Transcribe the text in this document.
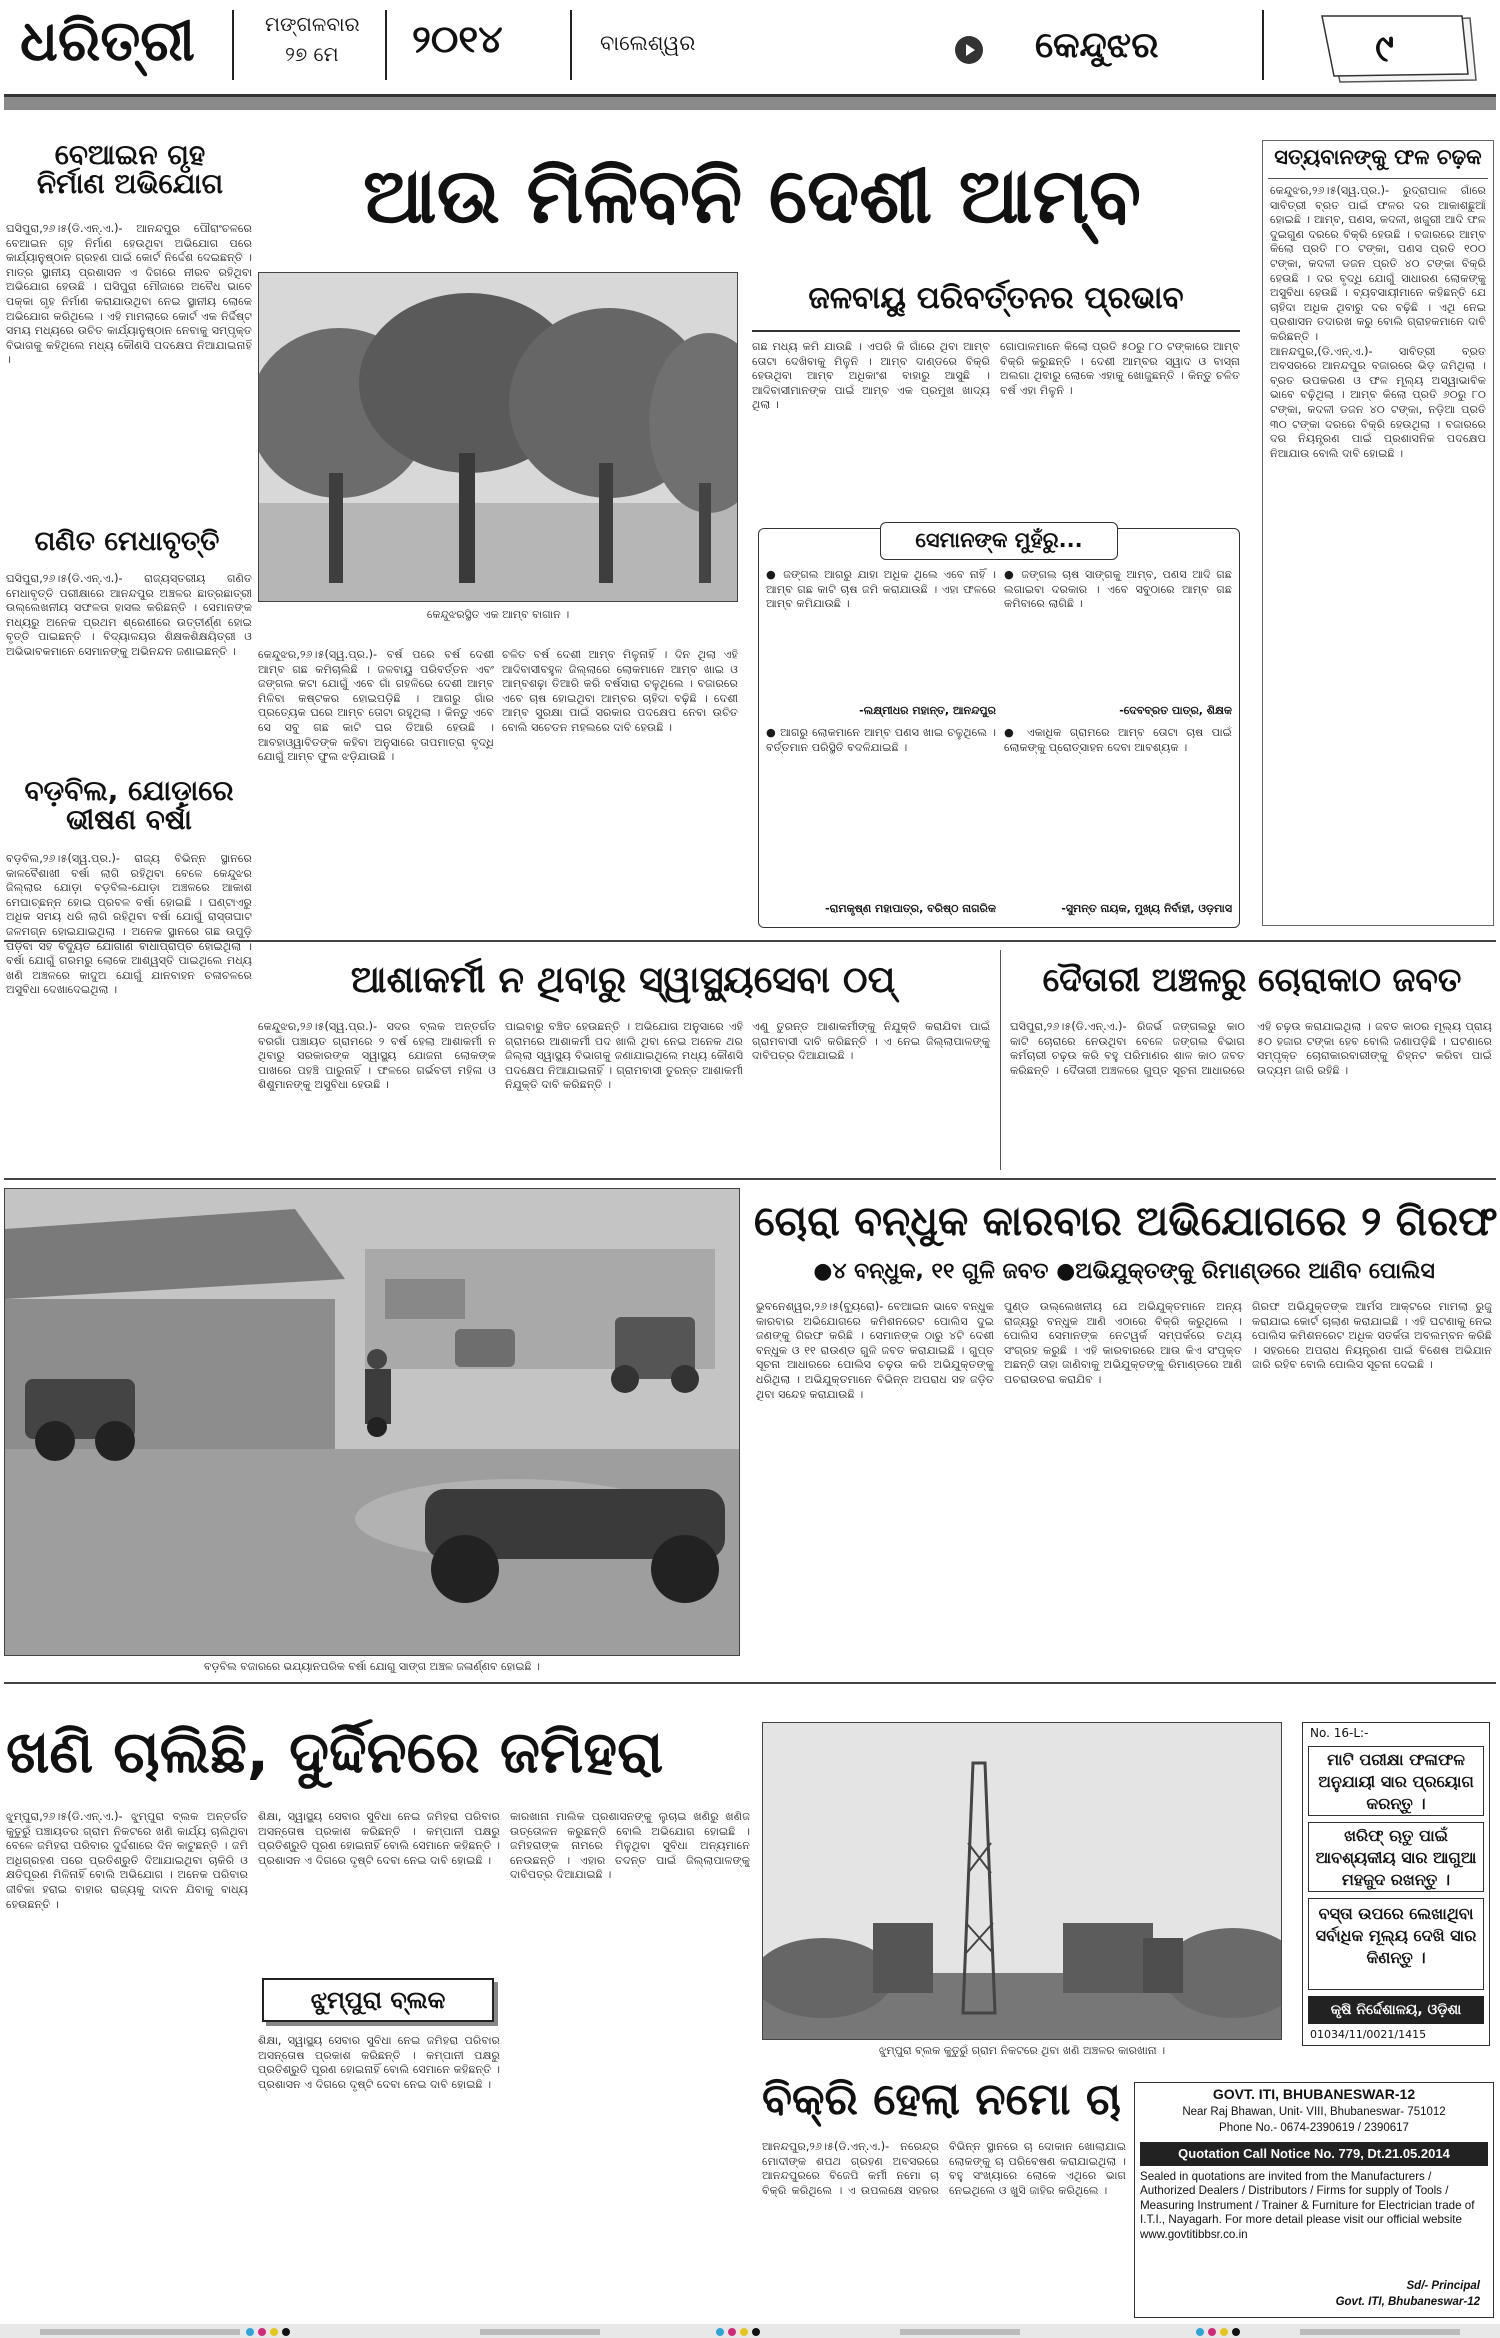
ଧରିତ୍ରୀ	ମଙ୍ଗଳବାର
୨୭ ମେ ୨୦୧୪	ବାଲେଶ୍ୱର	କେନ୍ଦୁଝର	୯
ବେଆଇନ ଗୃହ ନିର୍ମାଣ ଅଭିଯୋଗ
ଘସିପୁରା,୨୬।୫(ଡି.ଏନ୍.ଏ.)- ଆନନ୍ଦପୁର ପୌରାଂଚଳରେ ବେଆଇନ ଗୃହ ନିର୍ମାଣ ହେଉଥିବା ଅଭିଯୋଗ ପରେ କାର୍ଯ୍ୟାନୁଷ୍ଠାନ ଗ୍ରହଣ ପାଇଁ କୋର୍ଟ ନିର୍ଦ୍ଦେଶ ଦେଇଛନ୍ତି । ମାତ୍ର ସ୍ଥାନୀୟ ପ୍ରଶାସନ ଏ ଦିଗରେ ନୀରବ ରହିଥିବା ଅଭିଯୋଗ ହେଉଛି । ଘସିପୁରା ମୌଜାରେ ଅବୈଧ ଭାବେ ପକ୍କା ଗୃହ ନିର୍ମାଣ କରାଯାଉଥିବା ନେଇ ସ୍ଥାନୀୟ ଲୋକେ ଅଭିଯୋଗ କରିଥିଲେ । ଏହି ମାମଲାରେ କୋର୍ଟ ଏକ ନିର୍ଦ୍ଦିଷ୍ଟ ସମୟ ମଧ୍ୟରେ ଉଚିତ କାର୍ଯ୍ୟାନୁଷ୍ଠାନ ନେବାକୁ ସମ୍ପୃକ୍ତ ବିଭାଗକୁ କହିଥିଲେ ମଧ୍ୟ କୌଣସି ପଦକ୍ଷେପ ନିଆଯାଇନାହିଁ ।
ଗଣିତ ମେଧାବୃତ୍ତି
ଘସିପୁରା,୨୬।୫(ଡି.ଏନ୍.ଏ.)- ରାଜ୍ୟସ୍ତରୀୟ ଗଣିତ ମେଧାବୃତ୍ତି ପରୀକ୍ଷାରେ ଆନନ୍ଦପୁର ଅଞ୍ଚଳର ଛାତ୍ରଛାତ୍ରୀ ଉଲ୍ଲେଖନୀୟ ସଫଳତା ହାସଲ କରିଛନ୍ତି । ସେମାନଙ୍କ ମଧ୍ୟରୁ ଅନେକ ପ୍ରଥମ ଶ୍ରେଣୀରେ ଉତ୍ତୀର୍ଣ୍ଣ ହୋଇ ବୃତ୍ତି ପାଇଛନ୍ତି । ବିଦ୍ୟାଳୟର ଶିକ୍ଷକଶିକ୍ଷୟିତ୍ରୀ ଓ ଅଭିଭାବକମାନେ ସେମାନଙ୍କୁ ଅଭିନନ୍ଦନ ଜଣାଇଛନ୍ତି ।
ବଡ଼ବିଲ, ଯୋଡ଼ାରେ ଭୀଷଣ ବର୍ଷା
ବଡ଼ବିଲ,୨୬।୫(ସ୍ୱ.ପ୍ର.)- ରାଜ୍ୟ ବିଭିନ୍ନ ସ୍ଥାନରେ କାଳବୈଶାଖୀ ବର୍ଷା ଲାଗି ରହିଥିବା ବେଳେ କେନ୍ଦୁଝର ଜିଲ୍ଲାର ଯୋଡ଼ା ବଡ଼ବିଲ-ଯୋଡ଼ା ଅଞ୍ଚଳରେ ଆକାଶ ମେଘାଚ୍ଛନ୍ନ ହୋଇ ପ୍ରବଳ ବର୍ଷା ହୋଇଛି । ଘଣ୍ଟାଏରୁ ଅଧିକ ସମୟ ଧରି ଲାଗି ରହିଥିବା ବର୍ଷା ଯୋଗୁଁ ରାସ୍ତାଘାଟ ଜଳମଗ୍ନ ହୋଇଯାଇଥିଲା । ଅନେକ ସ୍ଥାନରେ ଗଛ ଉପୁଡ଼ି ପଡ଼ିବା ସହ ବିଦ୍ୟୁତ ଯୋଗାଣ ବାଧାପ୍ରାପ୍ତ ହୋଇଥିଲା । ବର୍ଷା ଯୋଗୁଁ ଗରମରୁ ଲୋକେ ଆଶ୍ୱସ୍ତି ପାଇଥିଲେ ମଧ୍ୟ ଖଣି ଅଞ୍ଚଳରେ କାଦୁଅ ଯୋଗୁଁ ଯାନବାହନ ଚଳାଚଳରେ ଅସୁବିଧା ଦେଖାଦେଇଥିଲା ।
ଆଉ ମିଳିବନି ଦେଶୀ ଆମ୍ବ
କେନ୍ଦୁଝରସ୍ଥିତ ଏକ ଆମ୍ବ ବାଗାନ ।
କେନ୍ଦୁଝର,୨୬।୫(ସ୍ୱ.ପ୍ର.)- ବର୍ଷ ପରେ ବର୍ଷ ଦେଶୀ ଆମ୍ବ ଗଛ କମିଚାଲିଛି । ଜଳବାୟୁ ପରିବର୍ତ୍ତନ ଏବଂ ଜଙ୍ଗଲ କଟା ଯୋଗୁଁ ଏବେ ଗାଁ ଗହଳିରେ ଦେଶୀ ଆମ୍ବ ମିଳିବା କଷ୍ଟକର ହୋଇପଡ଼ିଛି । ଆଗରୁ ଗାଁର ପ୍ରତ୍ୟେକ ଘରେ ଆମ୍ବ ତୋଟା ରହୁଥିଲା । କିନ୍ତୁ ଏବେ ସେ ସବୁ ଗଛ କାଟି ଘର ତିଆରି ହେଉଛି । ଆବହାଓ୍ୱାବିତଙ୍କ କହିବା ଅନୁସାରେ ତାପମାତ୍ରା ବୃଦ୍ଧି ଯୋଗୁଁ ଆମ୍ବ ଫୁଲ ଝଡ଼ିଯାଉଛି ।
ଚଳିତ ବର୍ଷ ଦେଶୀ ଆମ୍ବ ମିଳୁନାହିଁ । ଦିନ ଥିଲା ଏହି ଆଦିବାସୀବହୁଳ ଜିଲ୍ଲାରେ ଲୋକମାନେ ଆମ୍ବ ଖାଇ ଓ ଆମ୍ବଶଢ଼ା ତିଆରି କରି ବର୍ଷସାରା ଚଳୁଥିଲେ । ବଜାରରେ ଏବେ ଚାଷ ହୋଇଥିବା ଆମ୍ବର ଚାହିଦା ବଢ଼ିଛି । ଦେଶୀ ଆମ୍ବ ସୁରକ୍ଷା ପାଇଁ ସରକାର ପଦକ୍ଷେପ ନେବା ଉଚିତ ବୋଲି ସଚେତନ ମହଲରେ ଦାବି ହେଉଛି ।
ଜଳବାୟୁ ପରିବର୍ତ୍ତନର ପ୍ରଭାବ
ଗଛ ମଧ୍ୟ କମି ଯାଉଛି । ଏପରି କି ଗାଁରେ ଥିବା ଆମ୍ବ ତୋଟା ଦେଖିବାକୁ ମିଳୁନି । ଆମ୍ବ ଦାଣ୍ଡରେ ବିକ୍ରି ହେଉଥିବା ଆମ୍ବ ଅଧିକାଂଶ ବାହାରୁ ଆସୁଛି । ଆଦିବାସୀମାନଙ୍କ ପାଇଁ ଆମ୍ବ ଏକ ପ୍ରମୁଖ ଖାଦ୍ୟ ଥିଲା ।
ଗୋପାଳମାନେ କିଲୋ ପ୍ରତି ୫୦ରୁ ୮୦ ଟଙ୍କାରେ ଆମ୍ବ ବିକ୍ରି କରୁଛନ୍ତି । ଦେଶୀ ଆମ୍ବର ସ୍ୱାଦ ଓ ବାସ୍ନା ଅଲଗା ଥିବାରୁ ଲୋକେ ଏହାକୁ ଖୋଜୁଛନ୍ତି । କିନ୍ତୁ ଚଳିତ ବର୍ଷ ଏହା ମିଳୁନି ।
ସେମାନଙ୍କ ମୁହଁରୁ...
● ଜଙ୍ଗଲ ଆଗରୁ ଯାହା ଅଧିକ ଥିଲେ ଏବେ ନାହିଁ । ଆମ୍ବ ଗଛ କାଟି ଚାଷ ଜମି କରାଯାଉଛି । ଏହା ଫଳରେ ଆମ୍ବ କମିଯାଉଛି ।
-ଲକ୍ଷ୍ମୀଧର ମହାନ୍ତ, ଆନନ୍ଦପୁର
● ଆଗରୁ ଲୋକମାନେ ଆମ୍ବ ପଣସ ଖାଇ ଚଳୁଥିଲେ । ବର୍ତ୍ତମାନ ପରିସ୍ଥିତି ବଦଳିଯାଇଛି ।
-ରାମକୃଷ୍ଣ ମହାପାତ୍ର, ବରିଷ୍ଠ ନାଗରିକ
● ଜଙ୍ଗଲ ଚାଷ ସାଙ୍ଗକୁ ଆମ୍ବ, ପଣସ ଆଦି ଗଛ ଲଗାଇବା ଦରକାର । ଏବେ ସବୁଠାରେ ଆମ୍ବ ଗଛ କମିବାରେ ଲାଗିଛି ।
-ଦେବବ୍ରତ ପାତ୍ର, ଶିକ୍ଷକ
● ଏକାଧିକ ଗ୍ରାମରେ ଆମ୍ବ ତୋଟା ଚାଷ ପାଇଁ ଲୋକଙ୍କୁ ପ୍ରୋତ୍ସାହନ ଦେବା ଆବଶ୍ୟକ ।
-ସୁମନ୍ତ ନାୟକ, ମୁଖ୍ୟ ନିର୍ବାହୀ, ଓଡ଼ମାସ
ସତ୍ୟବାନଙ୍କୁ ଫଳ ଚଢ଼କ
କେନ୍ଦୁଝର,୨୬।୫(ସ୍ୱ.ପ୍ର.)- ରୁଦ୍ରାପାଳ ଗାଁରେ ସାବିତ୍ରୀ ବ୍ରତ ପାଇଁ ଫଳର ଦର ଆକାଶଛୁଆଁ ହୋଇଛି । ଆମ୍ବ, ପଣସ, କଦଳୀ, ଖଜୁରୀ ଆଦି ଫଳ ଦୁଇଗୁଣ ଦରରେ ବିକ୍ରି ହେଉଛି । ବଜାରରେ ଆମ୍ବ କିଲୋ ପ୍ରତି ୮୦ ଟଙ୍କା, ପଣସ ପ୍ରତି ୧୦୦ ଟଙ୍କା, କଦଳୀ ଡଜନ ପ୍ରତି ୪୦ ଟଙ୍କା ବିକ୍ରି ହେଉଛି । ଦର ବୃଦ୍ଧି ଯୋଗୁଁ ସାଧାରଣ ଲୋକଙ୍କୁ ଅସୁବିଧା ହେଉଛି । ବ୍ୟବସାୟୀମାନେ କହିଛନ୍ତି ଯେ ଚାହିଦା ଅଧିକ ଥିବାରୁ ଦର ବଢ଼ିଛି । ଏଥି ନେଇ ପ୍ରଶାସନ ତଦାରଖ କରୁ ବୋଲି ଗ୍ରାହକମାନେ ଦାବି କରିଛନ୍ତି ।
ଆନନ୍ଦପୁର,(ଡି.ଏନ୍.ଏ.)- ସାବିତ୍ରୀ ବ୍ରତ ଅବସରରେ ଆନନ୍ଦପୁର ବଜାରରେ ଭିଡ଼ ଜମିଥିଲା । ବ୍ରତ ଉପକରଣ ଓ ଫଳ ମୂଲ୍ୟ ଅସ୍ୱାଭାବିକ ଭାବେ ବଢ଼ିଥିଲା । ଆମ୍ବ କିଲୋ ପ୍ରତି ୬୦ରୁ ୮୦ ଟଙ୍କା, କଦଳୀ ଡଜନ ୪୦ ଟଙ୍କା, ନଡ଼ିଆ ପ୍ରତି ୩୦ ଟଙ୍କା ଦରରେ ବିକ୍ରି ହେଉଥିଲା । ବଜାରରେ ଦର ନିୟନ୍ତ୍ରଣ ପାଇଁ ପ୍ରଶାସନିକ ପଦକ୍ଷେପ ନିଆଯାଉ ବୋଲି ଦାବି ହୋଇଛି ।
ଆଶାକର୍ମୀ ନ ଥିବାରୁ ସ୍ୱାସ୍ଥ୍ୟସେବା ଠପ୍
କେନ୍ଦୁଝର,୨୬।୫(ସ୍ୱ.ପ୍ର.)- ସଦର ବ୍ଲକ ଅନ୍ତର୍ଗତ ବରଗାଁ ପଞ୍ଚାୟତ ଗ୍ରାମରେ ୨ ବର୍ଷ ହେଲା ଆଶାକର୍ମୀ ନ ଥିବାରୁ ସରକାରଙ୍କ ସ୍ୱାସ୍ଥ୍ୟ ଯୋଜନା ଲୋକଙ୍କ ପାଖରେ ପହଞ୍ଚି ପାରୁନାହିଁ । ଫଳରେ ଗର୍ଭବତୀ ମହିଳା ଓ ଶିଶୁମାନଙ୍କୁ ଅସୁବିଧା ହେଉଛି ।
ପାଇବାରୁ ବଞ୍ଚିତ ହେଉଛନ୍ତି । ଅଭିଯୋଗ ଅନୁସାରେ ଏହି ଗ୍ରାମରେ ଆଶାକର୍ମୀ ପଦ ଖାଲି ଥିବା ନେଇ ଅନେକ ଥର ଜିଲ୍ଲା ସ୍ୱାସ୍ଥ୍ୟ ବିଭାଗକୁ ଜଣାଯାଇଥିଲେ ମଧ୍ୟ କୌଣସି ପଦକ୍ଷେପ ନିଆଯାଇନାହିଁ । ଗ୍ରାମବାସୀ ତୁରନ୍ତ ଆଶାକର୍ମୀ ନିଯୁକ୍ତି ଦାବି କରିଛନ୍ତି ।
ଏଣୁ ତୁରନ୍ତ ଆଶାକର୍ମୀଙ୍କୁ ନିଯୁକ୍ତି କରାଯିବା ପାଇଁ ଗ୍ରାମବାସୀ ଦାବି କରିଛନ୍ତି । ଏ ନେଇ ଜିଲ୍ଲାପାଳଙ୍କୁ ଦାବିପତ୍ର ଦିଆଯାଇଛି ।
ଦୈତାରୀ ଅଞ୍ଚଳରୁ ଚୋରାକାଠ ଜବତ
ଘସିପୁରା,୨୬।୫(ଡି.ଏନ୍.ଏ.)- ରିଜର୍ଭ ଜଙ୍ଗଲରୁ କାଠ କାଟି ଚୋରାରେ ନେଉଥିବା ବେଳେ ଜଙ୍ଗଲ ବିଭାଗ କର୍ମଚାରୀ ଚଢ଼ଉ କରି ବହୁ ପରିମାଣର ଶାଳ କାଠ ଜବତ କରିଛନ୍ତି । ଦୈତାରୀ ଅଞ୍ଚଳରେ ଗୁପ୍ତ ସୂଚନା ଆଧାରରେ ଏହି ଚଢ଼ଉ କରାଯାଇଥିଲା । ଜବତ କାଠର ମୂଲ୍ୟ ପ୍ରାୟ ୫୦ ହଜାର ଟଙ୍କା ହେବ ବୋଲି ଜଣାପଡ଼ିଛି । ଘଟଣାରେ ସମ୍ପୃକ୍ତ ଚୋରାକାରବାରୀଙ୍କୁ ଚିହ୍ନଟ କରିବା ପାଇଁ ଉଦ୍ୟମ ଜାରି ରହିଛି ।
ବଡ଼ବିଲ ବଜାରରେ ଭଯ୍ୟାନପରିକ ବର୍ଷା ଯୋଗୁ ସାଙ୍ଗ ଅଞ୍ଚଳ ଜଳାର୍ଣ୍ଣବ ହୋଇଛି ।
ଚୋରା ବନ୍ଧୁକ କାରବାର ଅଭିଯୋଗରେ ୨ ଗିରଫ
●୪ ବନ୍ଧୁକ, ୧୧ ଗୁଳି ଜବତ ●ଅଭିଯୁକ୍ତଙ୍କୁ ରିମାଣ୍ଡରେ ଆଣିବ ପୋଲିସ
ଭୁବନେଶ୍ୱର,୨୬।୫(ବ୍ୟୁରୋ)- ବେଆଇନ ଭାବେ ବନ୍ଧୁକ କାରବାର ଅଭିଯୋଗରେ କମିଶନରେଟ ପୋଲିସ ଦୁଇ ଜଣଙ୍କୁ ଗିରଫ କରିଛି । ସେମାନଙ୍କ ଠାରୁ ୪ଟି ଦେଶୀ ବନ୍ଧୁକ ଓ ୧୧ ରାଉଣ୍ଡ ଗୁଳି ଜବତ କରାଯାଇଛି । ଗୁପ୍ତ ସୂଚନା ଆଧାରରେ ପୋଲିସ ଚଢ଼ଉ କରି ଅଭିଯୁକ୍ତଙ୍କୁ ଧରିଥିଲା । ଅଭିଯୁକ୍ତମାନେ ବିଭିନ୍ନ ଅପରାଧ ସହ ଜଡ଼ିତ ଥିବା ସନ୍ଦେହ କରାଯାଉଛି ।
ପୁଣ୍ଡ ଉଲ୍ଲେଖନୀୟ ଯେ ଅଭିଯୁକ୍ତମାନେ ଅନ୍ୟ ରାଜ୍ୟରୁ ବନ୍ଧୁକ ଆଣି ଏଠାରେ ବିକ୍ରି କରୁଥିଲେ । ପୋଲିସ ସେମାନଙ୍କ ନେଟୱର୍କ ସମ୍ପର୍କରେ ତଥ୍ୟ ସଂଗ୍ରହ କରୁଛି । ଏହି କାରବାରରେ ଆଉ କିଏ ସଂପୃକ୍ତ ଅଛନ୍ତି ତାହା ଜାଣିବାକୁ ଅଭିଯୁକ୍ତଙ୍କୁ ରିମାଣ୍ଡରେ ଆଣି ପଚରାଉଚରା କରାଯିବ ।
ଗିରଫ ଅଭିଯୁକ୍ତଙ୍କ ଆର୍ମସ ଆକ୍ଟରେ ମାମଲା ରୁଜୁ କରାଯାଇ କୋର୍ଟ ଚାଲାଣ କରାଯାଇଛି । ଏହି ଘଟଣାକୁ ନେଇ ପୋଲିସ କମିଶନରେଟ ଅଧିକ ସତର୍କତା ଅବଲମ୍ବନ କରିଛି । ସହରରେ ଅପରାଧ ନିୟନ୍ତ୍ରଣ ପାଇଁ ବିଶେଷ ଅଭିଯାନ ଜାରି ରହିବ ବୋଲି ପୋଲିସ ସୂଚନା ଦେଇଛି ।
ଖଣି ଚାଲିଛି, ଦୁର୍ଦ୍ଦିନରେ ଜମିହରା
ଝୁମ୍ପୁରା,୨୬।୫(ଡି.ଏନ୍.ଏ.)- ଝୁମ୍ପୁରା ବ୍ଲକ ଅନ୍ତର୍ଗତ କୁତୁରୁଁ ପଞ୍ଚାୟତର ଗ୍ରାମ ନିକଟରେ ଖଣି କାର୍ଯ୍ୟ ଚାଲିଥିବା ବେଳେ ଜମିହରା ପରିବାର ଦୁର୍ଦ୍ଦଶାରେ ଦିନ କାଟୁଛନ୍ତି । ଜମି ଅଧିଗ୍ରହଣ ପରେ ପ୍ରତିଶ୍ରୁତି ଦିଆଯାଇଥିବା ଚାକିରି ଓ କ୍ଷତିପୂରଣ ମିଳିନାହିଁ ବୋଲି ଅଭିଯୋଗ । ଅନେକ ପରିବାର ଜୀବିକା ହରାଇ ବାହାର ରାଜ୍ୟକୁ ଦାଦନ ଯିବାକୁ ବାଧ୍ୟ ହେଉଛନ୍ତି ।
ଶିକ୍ଷା, ସ୍ୱାସ୍ଥ୍ୟ ସେବାର ସୁବିଧା ନେଇ ଜମିହରା ପରିବାର ଅସନ୍ତୋଷ ପ୍ରକାଶ କରିଛନ୍ତି । କମ୍ପାନୀ ପକ୍ଷରୁ ପ୍ରତିଶ୍ରୁତି ପୂରଣ ହୋଇନାହିଁ ବୋଲି ସେମାନେ କହିଛନ୍ତି । ପ୍ରଶାସନ ଏ ଦିଗରେ ଦୃଷ୍ଟି ଦେବା ନେଇ ଦାବି ହୋଇଛି ।
ଝୁମ୍ପୁରା ବ୍ଲକ
ଶିକ୍ଷା, ସ୍ୱାସ୍ଥ୍ୟ ସେବାର ସୁବିଧା ନେଇ ଜମିହରା ପରିବାର ଅସନ୍ତୋଷ ପ୍ରକାଶ କରିଛନ୍ତି । କମ୍ପାନୀ ପକ୍ଷରୁ ପ୍ରତିଶ୍ରୁତି ପୂରଣ ହୋଇନାହିଁ ବୋଲି ସେମାନେ କହିଛନ୍ତି । ପ୍ରଶାସନ ଏ ଦିଗରେ ଦୃଷ୍ଟି ଦେବା ନେଇ ଦାବି ହୋଇଛି ।
କାରଖାନା ମାଲିକ ପ୍ରଶାସନଙ୍କୁ ଲୁଚାଇ ଖଣିରୁ ଖଣିଜ ଉତ୍ତୋଳନ କରୁଛନ୍ତି ବୋଲି ଅଭିଯୋଗ ହୋଇଛି । ଜମିହରାଙ୍କ ନାମରେ ମିଳୁଥିବା ସୁବିଧା ଅନ୍ୟମାନେ ନେଉଛନ୍ତି । ଏହାର ତଦନ୍ତ ପାଇଁ ଜିଲ୍ଲାପାଳଙ୍କୁ ଦାବିପତ୍ର ଦିଆଯାଇଛି ।
ଝୁମ୍ପୁରା ବ୍ଲକ କୁତୁରୁଁ ଗ୍ରାମ ନିକଟରେ ଥିବା ଖଣି ଅଞ୍ଚଳର କାରଖାନା ।
No. 16-L:-
ମାଟି ପରୀକ୍ଷା ଫଳାଫଳ ଅନୁଯାୟୀ ସାର ପ୍ରୟୋଗ କରନ୍ତୁ ।
ଖରିଫ୍ ଋତୁ ପାଇଁ ଆବଶ୍ୟକୀୟ ସାର ଆଗୁଆ ମହଜୁଦ ରଖନ୍ତୁ ।
ବସ୍ତା ଉପରେ ଲେଖାଥିବା ସର୍ବାଧିକ ମୂଲ୍ୟ ଦେଖି ସାର କିଣନ୍ତୁ ।
କୃଷି ନିର୍ଦ୍ଦେଶାଳୟ, ଓଡ଼ିଶା
01034/11/0021/1415
ବିକ୍ରି ହେଲା ନମୋ ଚା
ଆନନ୍ଦପୁର,୨୬।୫(ଡି.ଏନ୍.ଏ.)- ନରେନ୍ଦ୍ର ମୋଦୀଙ୍କ ଶପଥ ଗ୍ରହଣ ଅବସରରେ ଆନନ୍ଦପୁରରେ ବିଜେପି କର୍ମୀ ନମୋ ଚା ବିକ୍ରି କରିଥିଲେ । ଏ ଉପଲକ୍ଷେ ସହରର ବିଭିନ୍ନ ସ୍ଥାନରେ ଚା ଦୋକାନ ଖୋଲାଯାଇ ଲୋକଙ୍କୁ ଚା ପରିବେଷଣ କରାଯାଇଥିଲା । ବହୁ ସଂଖ୍ୟାରେ ଲୋକେ ଏଥିରେ ଭାଗ ନେଇଥିଲେ ଓ ଖୁସି ଜାହିର କରିଥିଲେ ।
GOVT. ITI, BHUBANESWAR-12
Near Raj Bhawan, Unit- VIII, Bhubaneswar- 751012
Phone No.- 0674-2390619 / 2390617
Quotation Call Notice No. 779, Dt.21.05.2014
Sealed in quotations are invited from the Manufacturers / Authorized Dealers / Distributors / Firms for supply of Tools / Measuring Instrument / Trainer & Furniture for Electrician trade of I.T.I., Nayagarh. For more detail please visit our official website www.govtitibbsr.co.in
Sd/- Principal
Govt. ITI, Bhubaneswar-12
